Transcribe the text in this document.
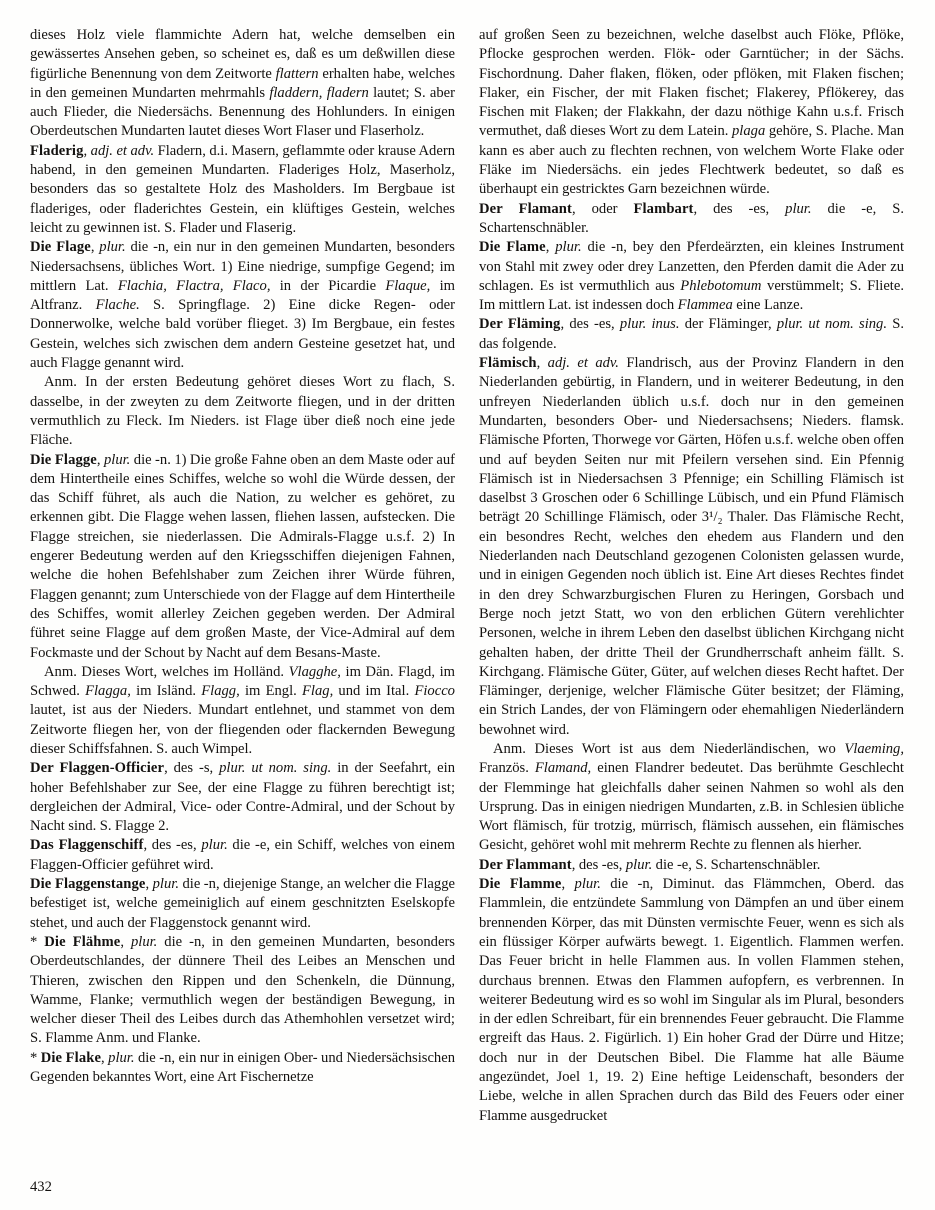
dieses Holz viele flammichte Adern hat, welche demselben ein gewässertes Ansehen geben, so scheinet es, daß es um deßwillen diese figürliche Benennung von dem Zeitworte flattern erhalten habe, welches in den gemeinen Mundarten mehrmahls fladdern, fladern lautet; S. aber auch Flieder, die Niedersächs. Benennung des Hohlunders. In einigen Oberdeutschen Mundarten lautet dieses Wort Flaser und Flaserholz.

Fladerig, adj. et adv. Fladern, d.i. Masern, geflammte oder krause Adern habend, in den gemeinen Mundarten. Fladeriges Holz, Maserholz, besonders das so gestaltete Holz des Masholders. Im Bergbaue ist fladeriges, oder fladerichtes Gestein, ein klüftiges Gestein, welches leicht zu gewinnen ist. S. Flader und Flaserig.

Die Flage, plur. die -n, ein nur in den gemeinen Mundarten, besonders Niedersachsens, übliches Wort. 1) Eine niedrige, sumpfige Gegend; im mittlern Lat. Flachia, Flactra, Flaco, in der Picardie Flaque, im Altfranz. Flache. S. Springflage. 2) Eine dicke Regen- oder Donnerwolke, welche bald vorüber flieget. 3) Im Bergbaue, ein festes Gestein, welches sich zwischen dem andern Gesteine gesetzet hat, und auch Flagge genannt wird.

Anm. In der ersten Bedeutung gehöret dieses Wort zu flach, S. dasselbe, in der zweyten zu dem Zeitworte fliegen, und in der dritten vermuthlich zu Fleck. Im Nieders. ist Flage über dieß noch eine jede Fläche.

Die Flagge, plur. die -n. 1) Die große Fahne oben an dem Maste oder auf dem Hintertheile eines Schiffes, welche so wohl die Würde dessen, der das Schiff führet, als auch die Nation, zu welcher es gehöret, zu erkennen gibt. Die Flagge wehen lassen, fliehen lassen, aufstecken. Die Flagge streichen, sie niederlassen. Die Admirals-Flagge u.s.f. 2) In engerer Bedeutung werden auf den Kriegsschiffen diejenigen Fahnen, welche die hohen Befehlshaber zum Zeichen ihrer Würde führen, Flaggen genannt; zum Unterschiede von der Flagge auf dem Hintertheile des Schiffes, womit allerley Zeichen gegeben werden. Der Admiral führet seine Flagge auf dem großen Maste, der Vice-Admiral auf dem Fockmaste und der Schout by Nacht auf dem Besans-Maste.

Anm. Dieses Wort, welches im Holländ. Vlagghe, im Dän. Flagd, im Schwed. Flagga, im Isländ. Flagg, im Engl. Flag, und im Ital. Fiocco lautet, ist aus der Nieders. Mundart entlehnet, und stammet von dem Zeitworte fliegen her, von der fliegenden oder flackernden Bewegung dieser Schiffsfahnen. S. auch Wimpel.

Der Flaggen-Officier, des -s, plur. ut nom. sing. in der Seefahrt, ein hoher Befehlshaber zur See, der eine Flagge zu führen berechtigt ist; dergleichen der Admiral, Vice- oder Contre-Admiral, und der Schout by Nacht sind. S. Flagge 2.

Das Flaggenschiff, des -es, plur. die -e, ein Schiff, welches von einem Flaggen-Officier geführet wird.

Die Flaggenstange, plur. die -n, diejenige Stange, an welcher die Flagge befestiget ist, welche gemeiniglich auf einem geschnitzten Eselskopfe stehet, und auch der Flaggenstock genannt wird.

* Die Flähme, plur. die -n, in den gemeinen Mundarten, besonders Oberdeutschlandes, der dünnere Theil des Leibes an Menschen und Thieren, zwischen den Rippen und den Schenkeln, die Dünnung, Wamme, Flanke; vermuthlich wegen der beständigen Bewegung, in welcher dieser Theil des Leibes durch das Athemhohlen versetzet wird; S. Flamme Anm. und Flanke.

* Die Flake, plur. die -n, ein nur in einigen Ober- und Niedersächsischen Gegenden bekanntes Wort, eine Art Fischernetze

auf großen Seen zu bezeichnen, welche daselbst auch Flöke, Pflöke, Pflocke gesprochen werden. Flök- oder Garntücher; in der Sächs. Fischordnung. Daher flaken, flöken, oder pflöken, mit Flaken fischen; Flaker, ein Fischer, der mit Flaken fischet; Flakerey, Pflökerey, das Fischen mit Flaken; der Flakkahn, der dazu nöthige Kahn u.s.f. Frisch vermuthet, daß dieses Wort zu dem Latein. plaga gehöre, S. Plache. Man kann es aber auch zu flechten rechnen, von welchem Worte Flake oder Fläke im Niedersächs. ein jedes Flechtwerk bedeutet, so daß es überhaupt ein gestricktes Garn bezeichnen würde.

Der Flamant, oder Flambart, des -es, plur. die -e, S. Schartenschnäbler.

Die Flame, plur. die -n, bey den Pferdeärzten, ein kleines Instrument von Stahl mit zwey oder drey Lanzetten, den Pferden damit die Ader zu schlagen. Es ist vermuthlich aus Phlebotomum verstümmelt; S. Fliete. Im mittlern Lat. ist indessen doch Flammea eine Lanze.

Der Fläming, des -es, plur. inus. der Fläminger, plur. ut nom. sing. S. das folgende.

Flämisch, adj. et adv. Flandrisch, aus der Provinz Flandern in den Niederlanden gebürtig, in Flandern, und in weiterer Bedeutung, in den unfreyen Niederlanden üblich u.s.f. doch nur in den gemeinen Mundarten, besonders Ober- und Niedersachsens; Nieders. flamsk. Flämische Pforten, Thorwege vor Gärten, Höfen u.s.f. welche oben offen und auf beyden Seiten nur mit Pfeilern versehen sind. Ein Pfennig Flämisch ist in Niedersachsen 3 Pfennige; ein Schilling Flämisch ist daselbst 3 Groschen oder 6 Schillinge Lübisch, und ein Pfund Flämisch beträgt 20 Schillinge Flämisch, oder 3¹/₂ Thaler. Das Flämische Recht, ein besondres Recht, welches den ehedem aus Flandern und den Niederlanden nach Deutschland gezogenen Colonisten gelassen wurde, und in einigen Gegenden noch üblich ist. Eine Art dieses Rechtes findet in den drey Schwarzburgischen Fluren zu Heringen, Gorsbach und Berge noch jetzt Statt, wo von den erblichen Gütern verehlichter Personen, welche in ihrem Leben den daselbst üblichen Kirchgang nicht gehalten haben, der dritte Theil der Grundherrschaft anheim fällt. S. Kirchgang. Flämische Güter, Güter, auf welchen dieses Recht haftet. Der Fläminger, derjenige, welcher Flämische Güter besitzet; der Fläming, ein Strich Landes, der von Flämingern oder ehemahligen Niederländern bewohnet wird.

Anm. Dieses Wort ist aus dem Niederländischen, wo Vlaeming, Französ. Flamand, einen Flandrer bedeutet. Das berühmte Geschlecht der Flemminge hat gleichfalls daher seinen Nahmen so wohl als den Ursprung. Das in einigen niedrigen Mundarten, z.B. in Schlesien übliche Wort flämisch, für trotzig, mürrisch, flämisch aussehen, ein flämisches Gesicht, gehöret wohl mit mehrerm Rechte zu flennen als hierher.

Der Flammant, des -es, plur. die -e, S. Schartenschnäbler.

Die Flamme, plur. die -n, Diminut. das Flämmchen, Oberd. das Flammlein, die entzündete Sammlung von Dämpfen an und über einem brennenden Körper, das mit Dünsten vermischte Feuer, wenn es sich als ein flüssiger Körper aufwärts bewegt. 1. Eigentlich. Flammen werfen. Das Feuer bricht in helle Flammen aus. In vollen Flammen stehen, durchaus brennen. Etwas den Flammen aufopfern, es verbrennen. In weiterer Bedeutung wird es so wohl im Singular als im Plural, besonders in der edlen Schreibart, für ein brennendes Feuer gebraucht. Die Flamme ergreift das Haus. 2. Figürlich. 1) Ein hoher Grad der Dürre und Hitze; doch nur in der Deutschen Bibel. Die Flamme hat alle Bäume angezündet, Joel 1, 19. 2) Eine heftige Leidenschaft, besonders der Liebe, welche in allen Sprachen durch das Bild des Feuers oder einer Flamme ausgedrucket

432
